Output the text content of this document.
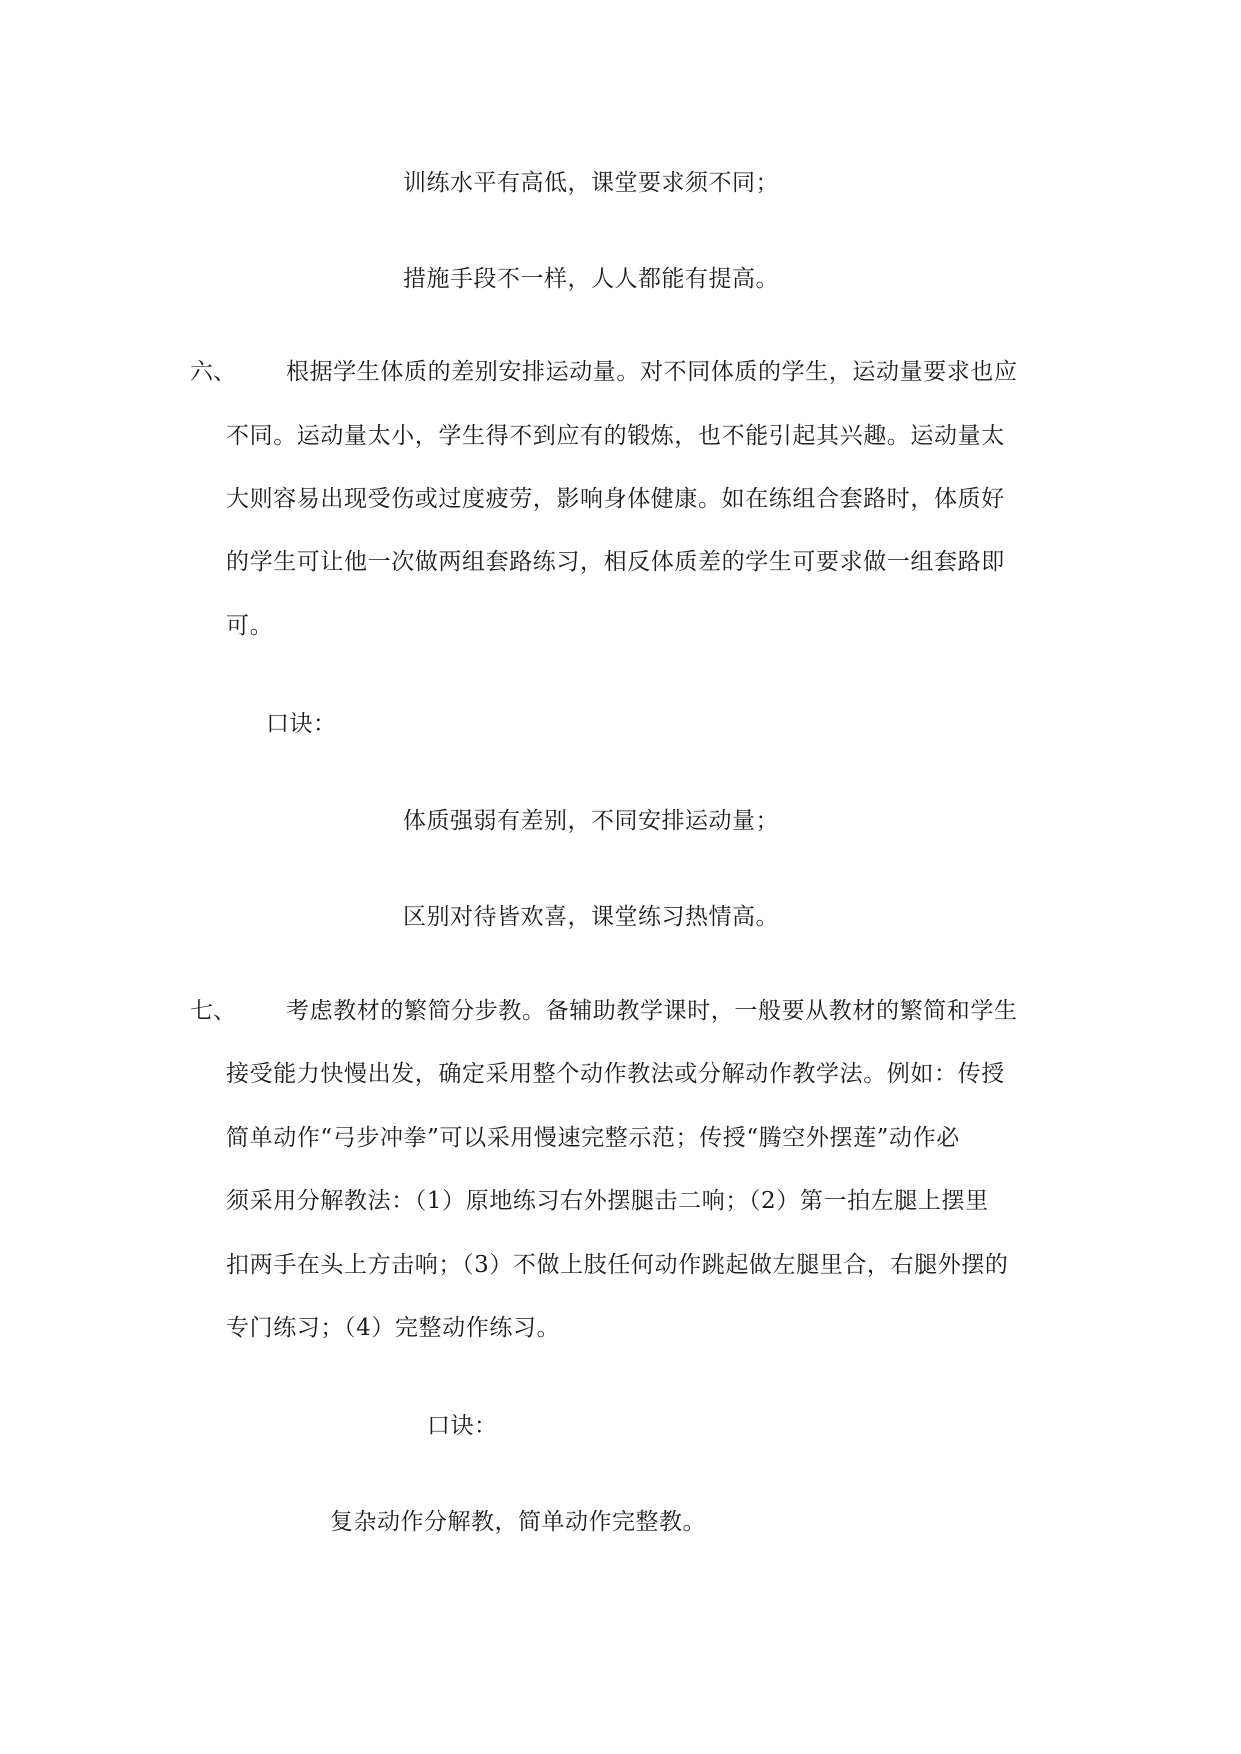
训练水平有高低，课堂要求须不同；
措施手段不一样，人人都能有提高。
六、 根据学生体质的差别安排运动量。对不同体质的学生，运动量要求也应
不同。运动量太小，学生得不到应有的锻炼，也不能引起其兴趣。运动量太
大则容易出现受伤或过度疲劳，影响身体健康。如在练组合套路时，体质好
的学生可让他一次做两组套路练习，相反体质差的学生可要求做一组套路即
可。
口诀：
体质强弱有差别，不同安排运动量；
区别对待皆欢喜，课堂练习热情高。
七、 考虑教材的繁简分步教。备辅助教学课时，一般要从教材的繁简和学生
接受能力快慢出发，确定采用整个动作教法或分解动作教学法。例如：传授
简单动作“弓步冲拳”可以采用慢速完整示范；传授“腾空外摆莲”动作必
须采用分解教法：（1）原地练习右外摆腿击二响；（2）第一拍左腿上摆里
扣两手在头上方击响；（3）不做上肢任何动作跳起做左腿里合，右腿外摆的
专门练习；（4）完整动作练习。
口诀：
复杂动作分解教，简单动作完整教。
